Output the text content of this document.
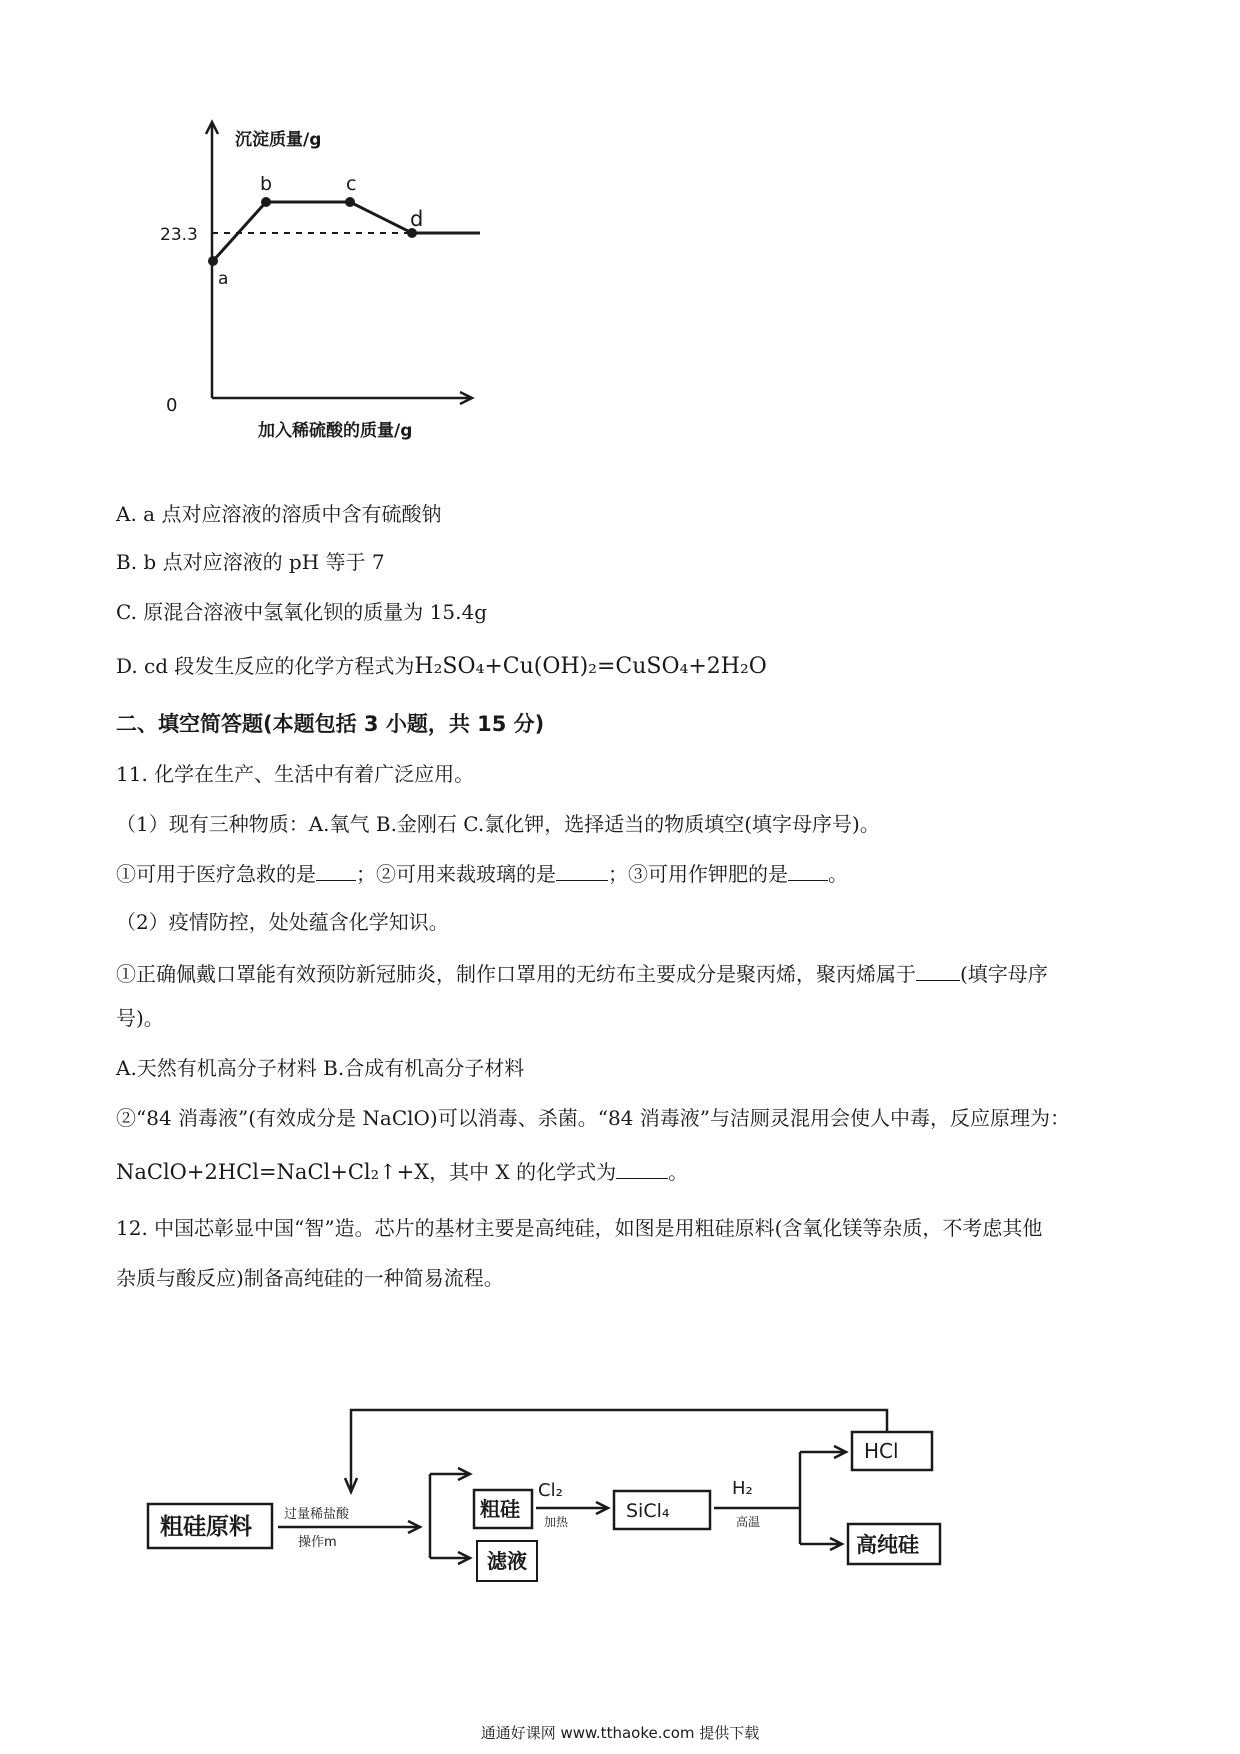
沉淀质量/g
23.3
0
a
b	c
d
加入稀硫酸的质量/g
A. a 点对应溶液的溶质中含有硫酸钠
B. b 点对应溶液的 pH 等于 7
C. 原混合溶液中氢氧化钡的质量为 15.4g
D. cd 段发生反应的化学方程式为H₂SO₄+Cu(OH)₂=CuSO₄+2H₂O
二、填空简答题(本题包括 3 小题，共 15 分)
11. 化学在生产、生活中有着广泛应用。
（1）现有三种物质：A.氧气 B.金刚石 C.氯化钾，选择适当的物质填空(填字母序号)。
①可用于医疗急救的是 ；②可用来裁玻璃的是	；③可用作钾肥的是 。
（2）疫情防控，处处蕴含化学知识。
①正确佩戴口罩能有效预防新冠肺炎，制作口罩用的无纺布主要成分是聚丙烯，聚丙烯属于 (填字母序
号)。
A.天然有机高分子材料 B.合成有机高分子材料
②“84 消毒液”(有效成分是 NaClO)可以消毒、杀菌。“84 消毒液”与洁厕灵混用会使人中毒，反应原理为：
NaClO+2HCl=NaCl+Cl₂↑+X，其中 X 的化学式为	。
12. 中国芯彰显中国“智”造。芯片的基材主要是高纯硅，如图是用粗硅原料(含氧化镁等杂质，不考虑其他
杂质与酸反应)制备高纯硅的一种简易流程。
粗硅原料 过量稀盐酸
操作m
粗硅
Cl₂
加热	SiCl₄
H₂
高温
HCl
高纯硅
滤液
通通好课网 www.tthaoke.com 提供下载
